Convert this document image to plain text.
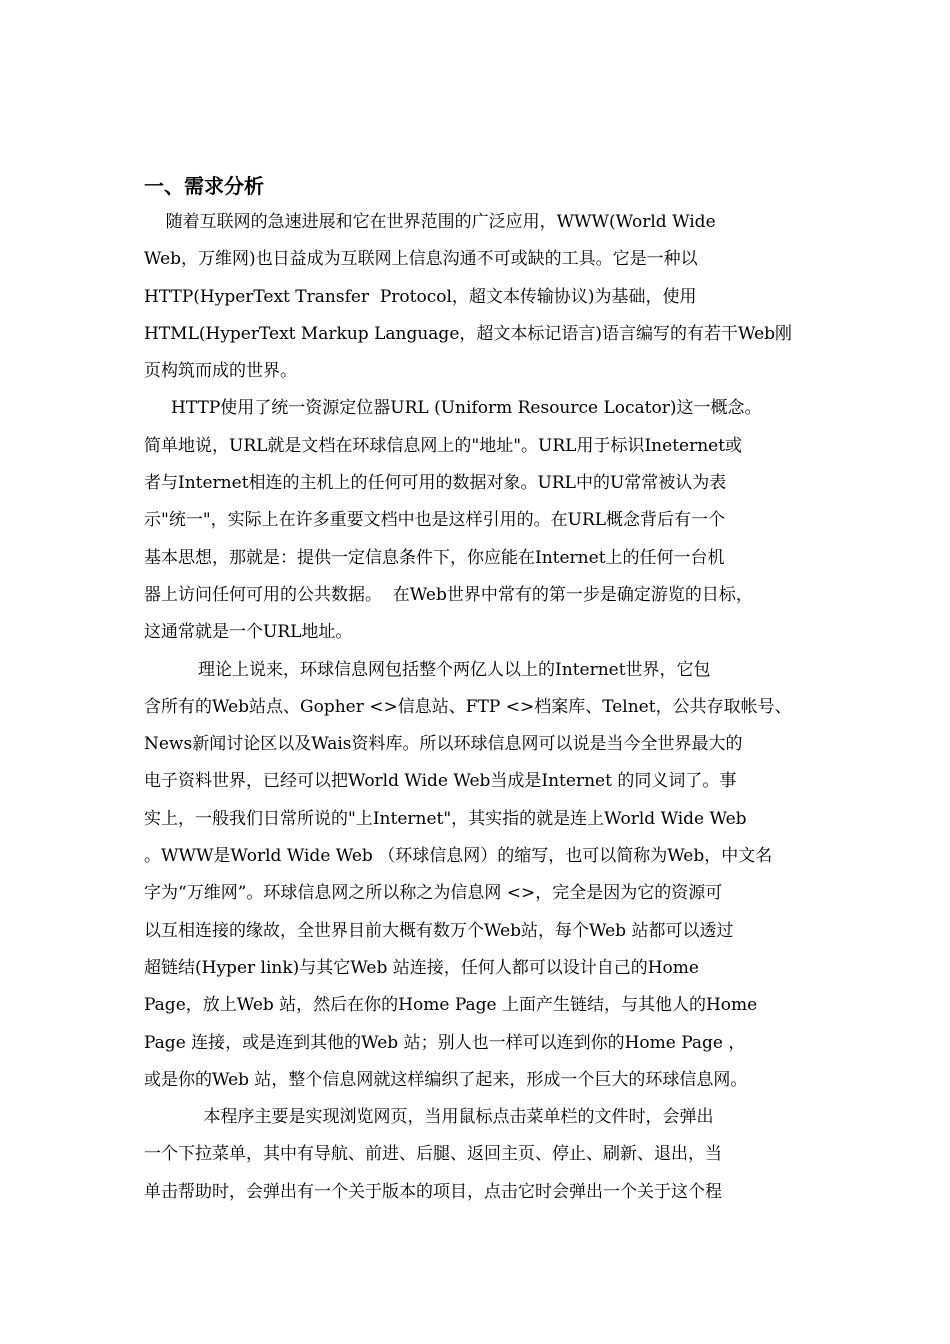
一、需求分析
随着互联网的急速进展和它在世界范围的广泛应用，WWW(World Wide
Web，万维网)也日益成为互联网上信息沟通不可或缺的工具。它是一种以
HTTP(HyperText Transfer  Protocol，超文本传输协议)为基础，使用
HTML(HyperText Markup Language，超文本标记语言)语言编写的有若干Web刚
页构筑而成的世界。
HTTP使用了统一资源定位器URL (Uniform Resource Locator)这一概念。
简单地说，URL就是文档在环球信息网上的"地址"。URL用于标识Ineternet或
者与Internet相连的主机上的任何可用的数据对象。URL中的U常常被认为表
示"统一"，实际上在许多重要文档中也是这样引用的。在URL概念背后有一个
基本思想，那就是：提供一定信息条件下，你应能在Internet上的任何一台机
器上访问任何可用的公共数据。  在Web世界中常有的第一步是确定游览的日标，
这通常就是一个URL地址。
理论上说来，环球信息网包括整个两亿人以上的Internet世界，它包
含所有的Web站点、Gopher <>信息站、FTP <>档案库、Telnet，公共存取帐号、
News新闻讨论区以及Wais资料库。所以环球信息网可以说是当今全世界最大的
电子资料世界，已经可以把World Wide Web当成是Internet 的同义词了。事
实上，一般我们日常所说的"上Internet"，其实指的就是连上World Wide Web
。WWW是World Wide Web （环球信息网）的缩写，也可以简称为Web，中文名
字为“万维网”。环球信息网之所以称之为信息网 <>，完全是因为它的资源可
以互相连接的缘故，全世界目前大概有数万个Web站，每个Web 站都可以透过
超链结(Hyper link)与其它Web 站连接，任何人都可以设计自己的Home
Page，放上Web 站，然后在你的Home Page 上面产生链结，与其他人的Home
Page 连接，或是连到其他的Web 站；别人也一样可以连到你的Home Page ，
或是你的Web 站，整个信息网就这样编织了起来，形成一个巨大的环球信息网。
本程序主要是实现浏览网页，当用鼠标点击菜单栏的文件时，会弹出
一个下拉菜单，其中有导航、前进、后腿、返回主页、停止、刷新、退出，当
单击帮助时，会弹出有一个关于版本的项目，点击它时会弹出一个关于这个程
